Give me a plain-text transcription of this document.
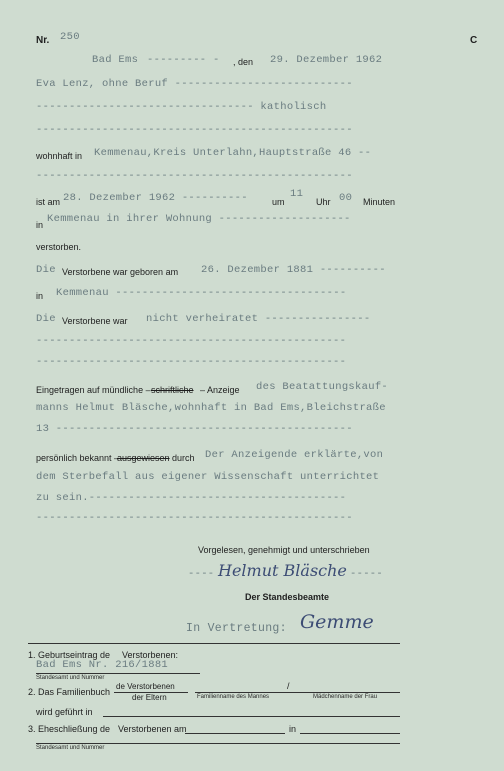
Nr. 250	C
Bad Ems --------- - , den 29. Dezember 1962
Eva Lenz, ohne Beruf ---------------------------
--------------------------------- katholisch
------------------------------------------------
wohnhaft in Kemmenau,Kreis Unterlahn,Hauptstraße 46 --
------------------------------------------------
ist am 28. Dezember 1962 ----------	um
11
Uhr 00 Minuten
in Kemmenau in ihrer Wohnung --------------------
verstorben.
Die Verstorbene war geboren am 26. Dezember 1881 ----------
in Kemmenau -----------------------------------
Die Verstorbene war nicht verheiratet ----------------
-----------------------------------------------
-----------------------------------------------
Eingetragen auf mündliche – schriftliche – Anzeige des Beatattungskauf-
manns Helmut Bläsche,wohnhaft in Bad Ems,Bleichstraße
13 ---------------------------------------------
persönlich bekannt –
ausgewiesen durch Der Anzeigende erklärte,von
dem Sterbefall aus eigener Wissenschaft unterrichtet
zu sein.---------------------------------------
------------------------------------------------
Vorgelesen, genehmigt und unterschrieben
---- Helmut Bläsche -----
Der Standesbeamte
In Vertretung: Gemme
1. Geburtseintrag de Verstorbenen:
Bad Ems Nr. 216/1881
Standesamt und Nummer
2. Das Familienbuch
de Verstorbenen
der Eltern
/
Familienname des Mannes	Mädchenname der Frau
wird geführt in
3. Eheschließung de Verstorbenen am	in
Standesamt und Nummer
